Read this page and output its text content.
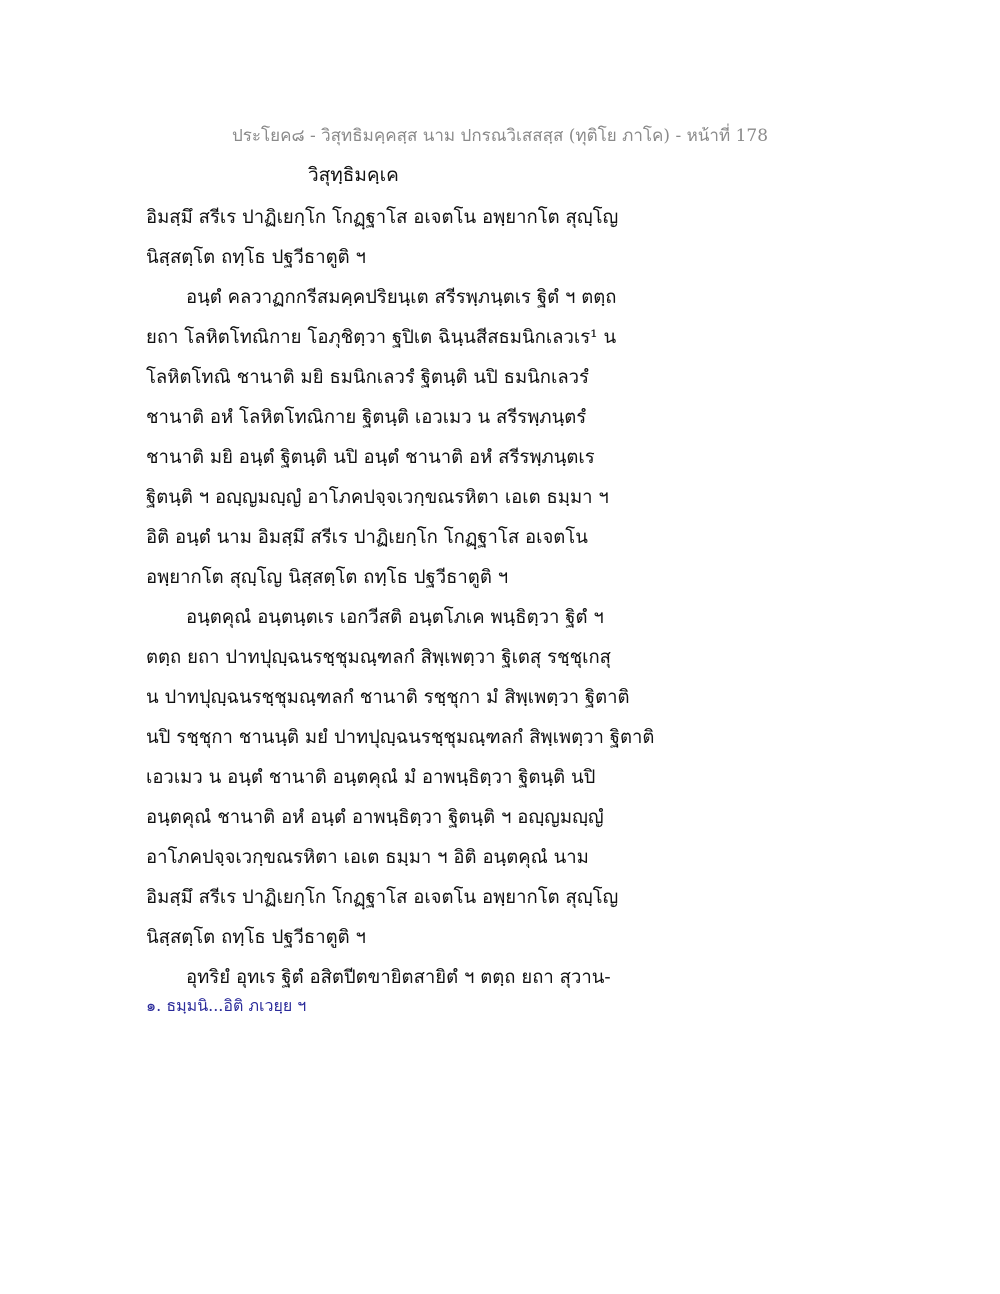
ประโยค๘ - วิสุทธิมคฺคสฺส นาม ปกรณวิเสสสฺส (ทุติโย ภาโค) - หน้าที่ 178
วิสุทฺธิมคฺเค
อิมสฺมึ สรีเร ปาฏิเยกฺโก โกฏฺฐาโส อเจตโน อพฺยากโต สุญฺโญ
นิสฺสตฺโต ถทฺโธ ปฐวีธาตูติ ฯ
อนฺตํ คลวาฏกกรีสมคฺคปริยนฺเต สรีรพฺภนฺตเร ฐิตํ ฯ ตตฺถ
ยถา โลหิตโทณิกาย โอภุชิตฺวา ฐปิเต ฉินฺนสีสธมนิกเลวเร¹ น
โลหิตโทณิ ชานาติ มยิ ธมนิกเลวรํ ฐิตนฺติ นปิ ธมนิกเลวรํ
ชานาติ อหํ โลหิตโทณิกาย ฐิตนฺติ เอวเมว น สรีรพฺภนฺตรํ
ชานาติ มยิ อนฺตํ ฐิตนฺติ นปิ อนฺตํ ชานาติ อหํ สรีรพฺภนฺตเร
ฐิตนฺติ ฯ อญฺญมญฺญํ อาโภคปจฺจเวกฺขณรหิตา เอเต ธมฺมา ฯ
อิติ อนฺตํ นาม อิมสฺมึ สรีเร ปาฏิเยกฺโก โกฏฺฐาโส อเจตโน
อพฺยากโต สุญฺโญ นิสฺสตฺโต ถทฺโธ ปฐวีธาตูติ ฯ
อนฺตคุณํ อนฺตนฺตเร เอกวีสติ อนฺตโภเค พนฺธิตฺวา ฐิตํ ฯ
ตตฺถ ยถา ปาทปุญฺฉนรชฺชุมณฺฑลกํ สิพฺเพตฺวา ฐิเตสุ รชฺชุเกสุ
น ปาทปุญฺฉนรชฺชุมณฺฑลกํ ชานาติ รชฺชุกา มํ สิพฺเพตฺวา ฐิตาติ
นปิ รชฺชุกา ชานนฺติ มยํ ปาทปุญฺฉนรชฺชุมณฺฑลกํ สิพฺเพตฺวา ฐิตาติ
เอวเมว น อนฺตํ ชานาติ อนฺตคุณํ มํ อาพนฺธิตฺวา ฐิตนฺติ นปิ
อนฺตคุณํ ชานาติ อหํ อนฺตํ อาพนฺธิตฺวา ฐิตนฺติ ฯ อญฺญมญฺญํ
อาโภคปจฺจเวกฺขณรหิตา เอเต ธมฺมา ฯ อิติ อนฺตคุณํ นาม
อิมสฺมึ สรีเร ปาฏิเยกฺโก โกฏฺฐาโส อเจตโน อพฺยากโต สุญฺโญ
นิสฺสตฺโต ถทฺโธ ปฐวีธาตูติ ฯ
อุทริยํ อุทเร ฐิตํ อสิตปีตขายิตสายิตํ ฯ ตตฺถ ยถา สุวาน-
๑. ธมฺมนิ...อิติ ภเวยฺย ฯ
